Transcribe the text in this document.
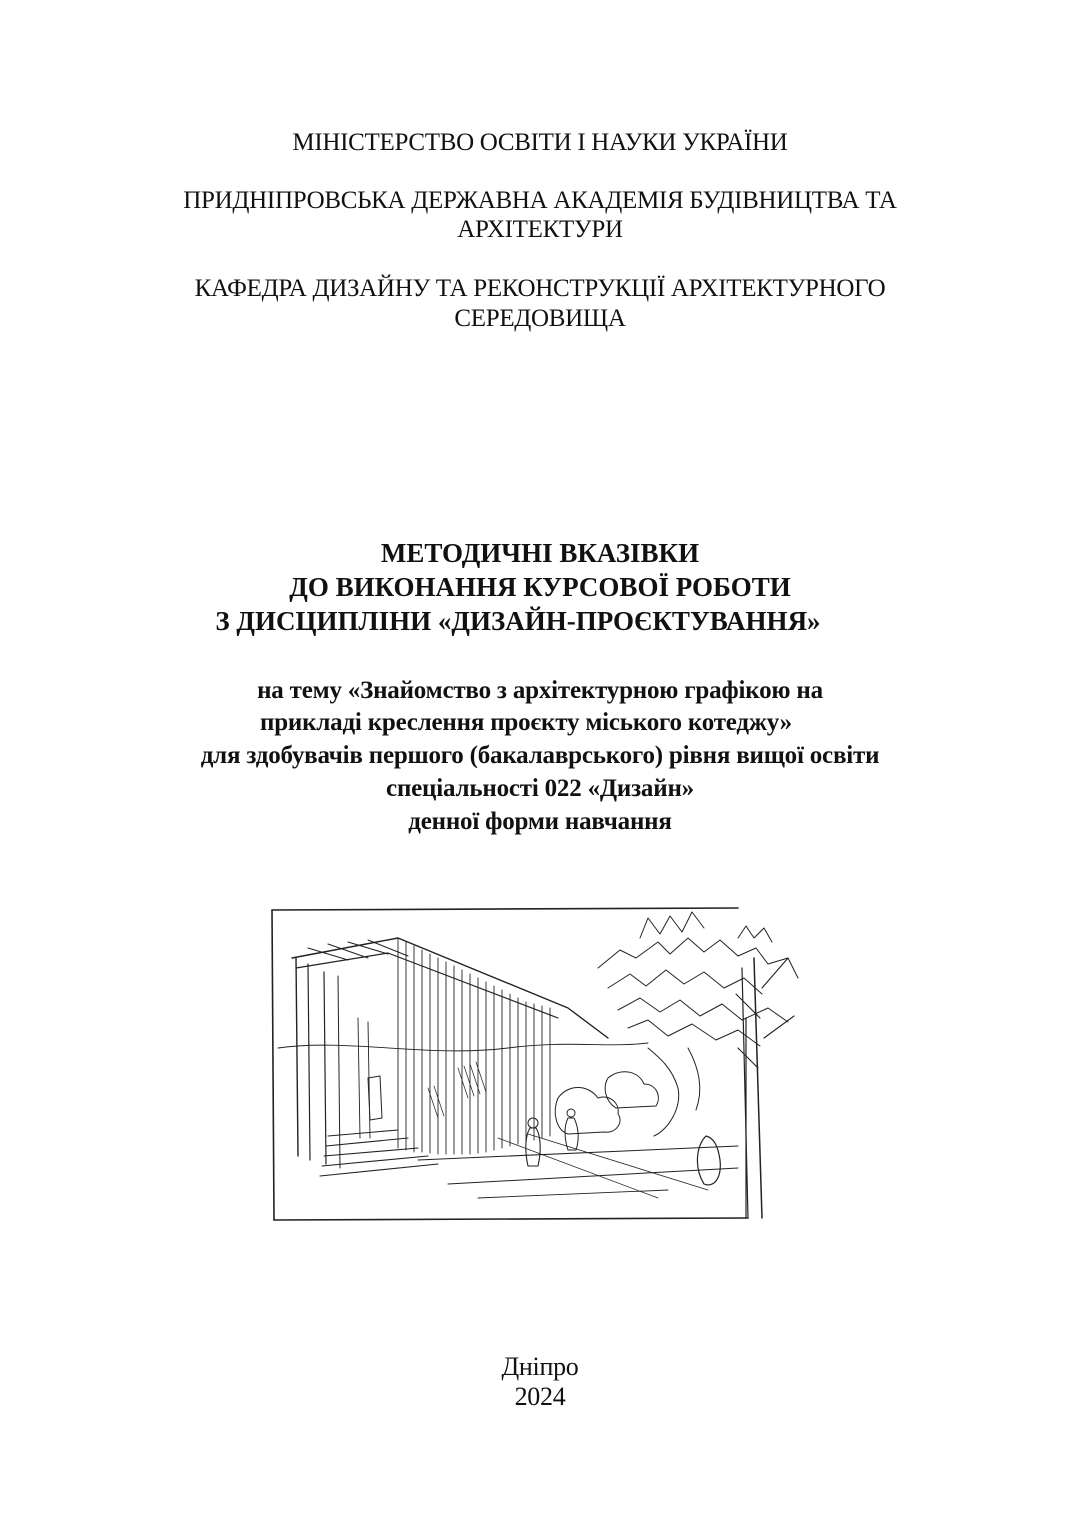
МІНІСТЕРСТВО ОСВІТИ І НАУКИ УКРАЇНИ
ПРИДНІПРОВСЬКА ДЕРЖАВНА АКАДЕМІЯ БУДІВНИЦТВА ТА
АРХІТЕКТУРИ
КАФЕДРА ДИЗАЙНУ ТА РЕКОНСТРУКЦІЇ АРХІТЕКТУРНОГО
СЕРЕДОВИЩА
МЕТОДИЧНІ ВКАЗІВКИ
ДО ВИКОНАННЯ КУРСОВОЇ РОБОТИ
З ДИСЦИПЛІНИ «ДИЗАЙН-ПРОЄКТУВАННЯ»
на тему «Знайомство з архітектурною графікою на
прикладі креслення проєкту міського котеджу»
для здобувачів першого (бакалаврського) рівня вищої освіти
спеціальності 022 «Дизайн»
денної форми навчання
Дніпро
2024
